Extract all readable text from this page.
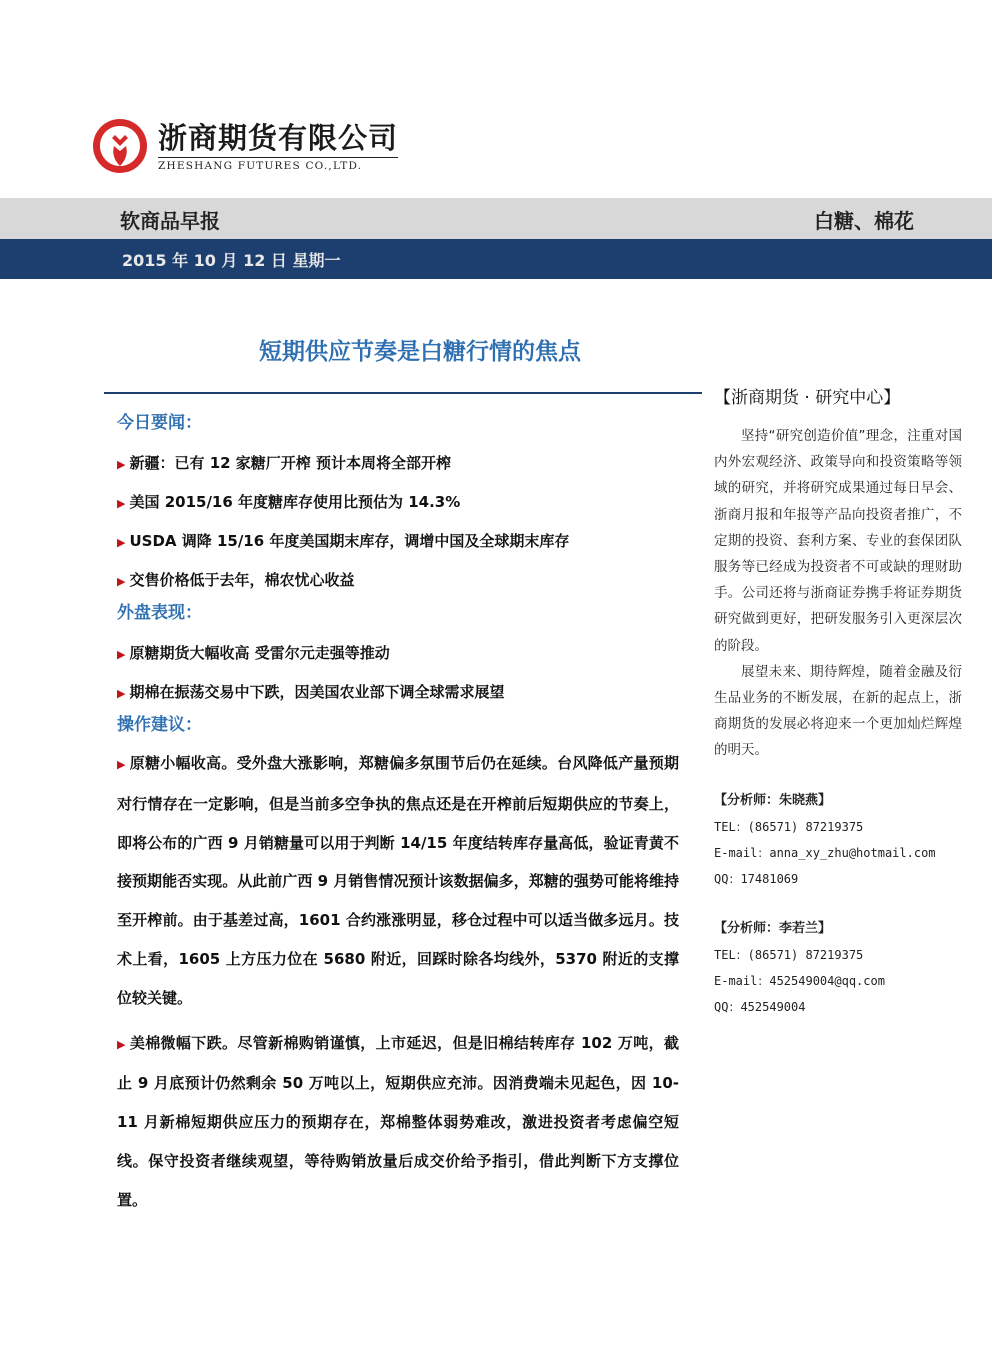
浙商期货有限公司
ZHESHANG FUTURES CO.,LTD.
软商品早报	白糖、棉花
2015 年 10 月 12 日 星期一
短期供应节奏是白糖行情的焦点
今日要闻：
▶ 新疆：已有 12 家糖厂开榨 预计本周将全部开榨
▶ 美国 2015/16 年度糖库存使用比预估为 14.3%
▶ USDA 调降 15/16 年度美国期末库存，调增中国及全球期末库存
▶ 交售价格低于去年，棉农忧心收益
外盘表现：
▶ 原糖期货大幅收高 受雷尔元走强等推动
▶ 期棉在振荡交易中下跌，因美国农业部下调全球需求展望
操作建议：
▶ 原糖小幅收高。受外盘大涨影响，郑糖偏多氛围节后仍在延续。台风降低产量预期对行情存在一定影响，但是当前多空争执的焦点还是在开榨前后短期供应的节奏上，即将公布的广西 9 月销糖量可以用于判断 14/15 年度结转库存量高低，验证青黄不接预期能否实现。从此前广西 9 月销售情况预计该数据偏多，郑糖的强势可能将维持至开榨前。由于基差过高，1601 合约涨涨明显，移仓过程中可以适当做多远月。技术上看，1605 上方压力位在 5680 附近，回踩时除各均线外，5370 附近的支撑位较关键。
▶ 美棉微幅下跌。尽管新棉购销谨慎，上市延迟，但是旧棉结转库存 102 万吨，截止 9 月底预计仍然剩余 50 万吨以上，短期供应充沛。因消费端未见起色，因 10-11 月新棉短期供应压力的预期存在，郑棉整体弱势难改，激进投资者考虑偏空短线。保守投资者继续观望，等待购销放量后成交价给予指引，借此判断下方支撑位置。
【浙商期货 · 研究中心】
坚持“研究创造价值”理念，注重对国内外宏观经济、政策导向和投资策略等领域的研究，并将研究成果通过每日早会、浙商月报和年报等产品向投资者推广，不定期的投资、套利方案、专业的套保团队服务等已经成为投资者不可或缺的理财助手。公司还将与浙商证券携手将证券期货研究做到更好，把研发服务引入更深层次的阶段。
展望未来、期待辉煌，随着金融及衍生品业务的不断发展，在新的起点上，浙商期货的发展必将迎来一个更加灿烂辉煌的明天。
【分析师：朱晓燕】
TEL：(86571) 87219375
E-mail：anna_xy_zhu@hotmail.com
QQ：17481069
【分析师：李若兰】
TEL：(86571) 87219375
E-mail：452549004@qq.com
QQ：452549004
